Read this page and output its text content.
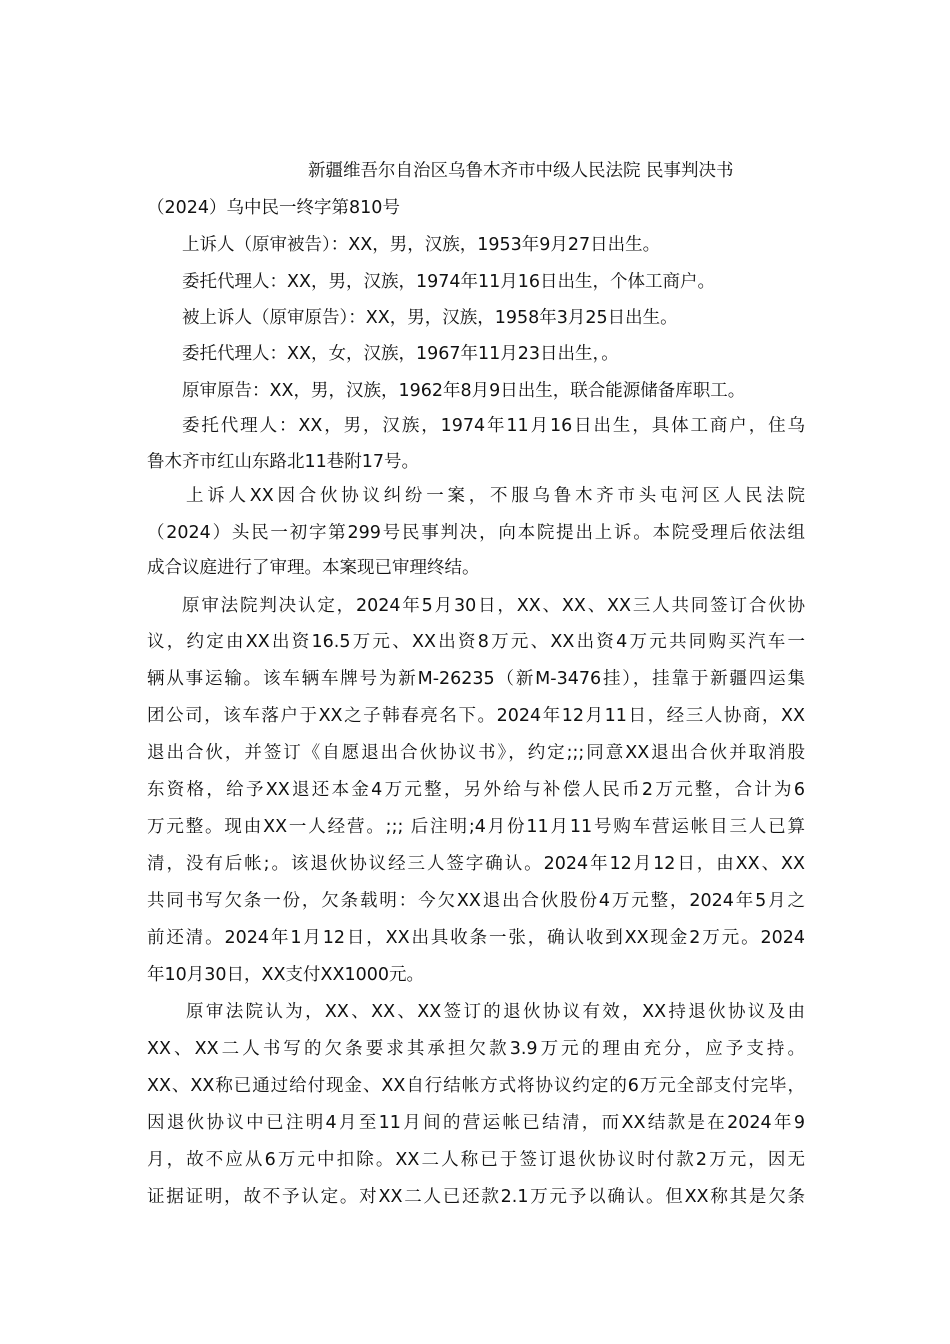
新疆维吾尔自治区乌鲁木齐市中级人民法院 民事判决书
（2024）乌中民一终字第810号
上诉人（原审被告）：XX，男，汉族，1953年9月27日出生。
委托代理人：XX，男，汉族，1974年11月16日出生，个体工商户。
被上诉人（原审原告）：XX，男，汉族，1958年3月25日出生。
委托代理人：XX，女，汉族，1967年11月23日出生，。
原审原告：XX，男，汉族，1962年8月9日出生，联合能源储备库职工。
委托代理人：XX，男，汉族，1974年11月16日出生，具体工商户，住乌
鲁木齐市红山东路北11巷附17号。
上诉人XX因合伙协议纠纷一案，不服乌鲁木齐市头屯河区人民法院
（2024）头民一初字第299号民事判决，向本院提出上诉。本院受理后依法组
成合议庭进行了审理。本案现已审理终结。
原审法院判决认定，2024年5月30日，XX、XX、XX三人共同签订合伙协
议，约定由XX出资16.5万元、XX出资8万元、XX出资4万元共同购买汽车一
辆从事运输。该车辆车牌号为新M-26235（新M-3476挂），挂靠于新疆四运集
团公司，该车落户于XX之子韩春亮名下。2024年12月11日，经三人协商，XX
退出合伙，并签订《自愿退出合伙协议书》，约定;;;同意XX退出合伙并取消股
东资格，给予XX退还本金4万元整，另外给与补偿人民币2万元整，合计为6
万元整。现由XX一人经营。;;; 后注明;4月份11月11号购车营运帐目三人已算
清，没有后帐;。该退伙协议经三人签字确认。2024年12月12日，由XX、XX
共同书写欠条一份，欠条载明：今欠XX退出合伙股份4万元整，2024年5月之
前还清。2024年1月12日，XX出具收条一张，确认收到XX现金2万元。2024
年10月30日，XX支付XX1000元。
原审法院认为，XX、XX、XX签订的退伙协议有效，XX持退伙协议及由
XX、XX二人书写的欠条要求其承担欠款3.9万元的理由充分，应予支持。
XX、XX称已通过给付现金、XX自行结帐方式将协议约定的6万元全部支付完毕，
因退伙协议中已注明4月至11月间的营运帐已结清，而XX结款是在2024年9
月，故不应从6万元中扣除。XX二人称已于签订退伙协议时付款2万元，因无
证据证明，故不予认定。对XX二人已还款2.1万元予以确认。但XX称其是欠条
